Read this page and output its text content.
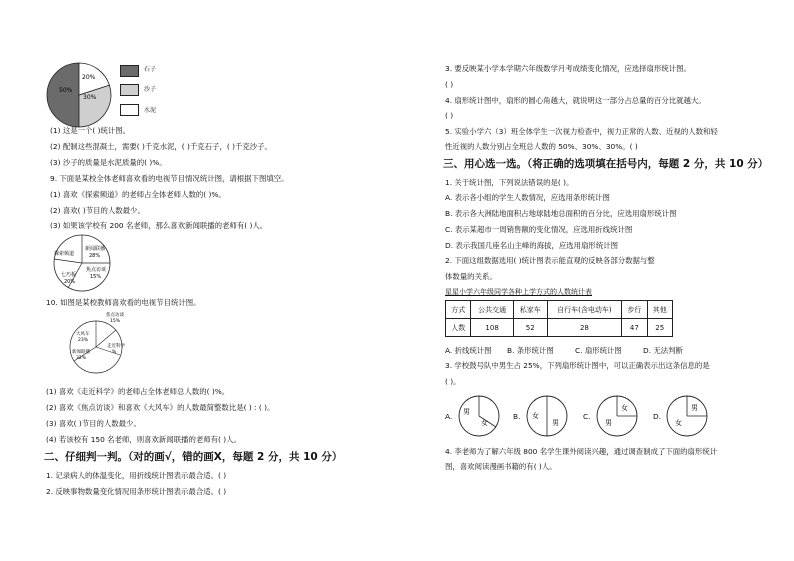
50%
30%
20%
石子
沙子
水泥
(1) 这是一个( )统计图。
(2) 配制这些混凝土，需要( )千克水泥，( )千克石子，( )千克沙子。
(3) 沙子的质量是水泥质量的( )%。
9. 下面是某校全体老师喜欢看的电视节目情况统计图，请根据下图填空。
(1) 喜欢《探索频道》的老师占全体老师人数的( )%。
(2) 喜欢( )节目的人数最少。
(3) 如果该学校有 200 名老师，那么喜欢新闻联播的老师有( )人。
新闻联播
28%
焦点访谈
15%
七巧板
20%
探索频道
10. 如图是某校教师喜欢看的电视节目统计图。
焦点访谈
15%
走近科学
%
新闻联播
32%
大风车
23%
(1) 喜欢《走近科学》的老师占全体老师总人数的( )%。
(2) 喜欢《焦点访谈》和喜欢《大风车》的人数最简整数比是( ) : ( )。
(3) 喜欢( )节目的人数最少。
(4) 若该校有 150 名老师，则喜欢新闻联播的老师有( )人。
二、仔细判一判。（对的画√，错的画X，每题 2 分，共 10 分）
1. 记录病人的体温变化，用折线统计图表示最合适。( )
2. 反映事物数量变化情况用条形统计图表示最合适。( )
3. 要反映某小学本学期六年级数学月考成绩变化情况，应选择扇形统计图。
( )
4. 扇形统计图中，扇形的圆心角越大，就说明这一部分占总量的百分比就越大。
( )
5. 实验小学六（3）班全体学生一次视力检查中，视力正常的人数、近视的人数和轻
性近视的人数分别占全班总人数的 50%、30%、30%。( )
三、用心选一选。（将正确的选项填在括号内，每题 2 分，共 10 分）
1. 关于统计图，下列说法错误的是( )。
A. 表示各小组的学生人数情况，应选用条形统计图
B. 表示各大洲陆地面积占地球陆地总面积的百分比，应选用扇形统计图
C. 表示某超市一周销售额的变化情况，应选用折线统计图
D. 表示我国几座名山主峰的海拔，应选用扇形统计图
2. 下面这组数据选用( )统计图表示能直观的反映各部分数据与整
体数量的关系。
星星小学六年级同学各种上学方式的人数统计表
方式	公共交通	私家车	自行车(含电动车)	步行	其他
人数	108	52	28	47	25
A. 折线统计图 B. 条形统计图	C. 扇形统计图	D. 无法判断
3. 学校鼓号队中男生占 25%，下列扇形统计图中，可以正确表示出这条信息的是
( )。
A. 男
女
B. 女
男
C.
女
男
D.
男
女
4. 李老师为了解六年级 800 名学生课外阅读兴趣，通过调查制成了下面的扇形统计
图，喜欢阅读漫画书籍的有( )人。
